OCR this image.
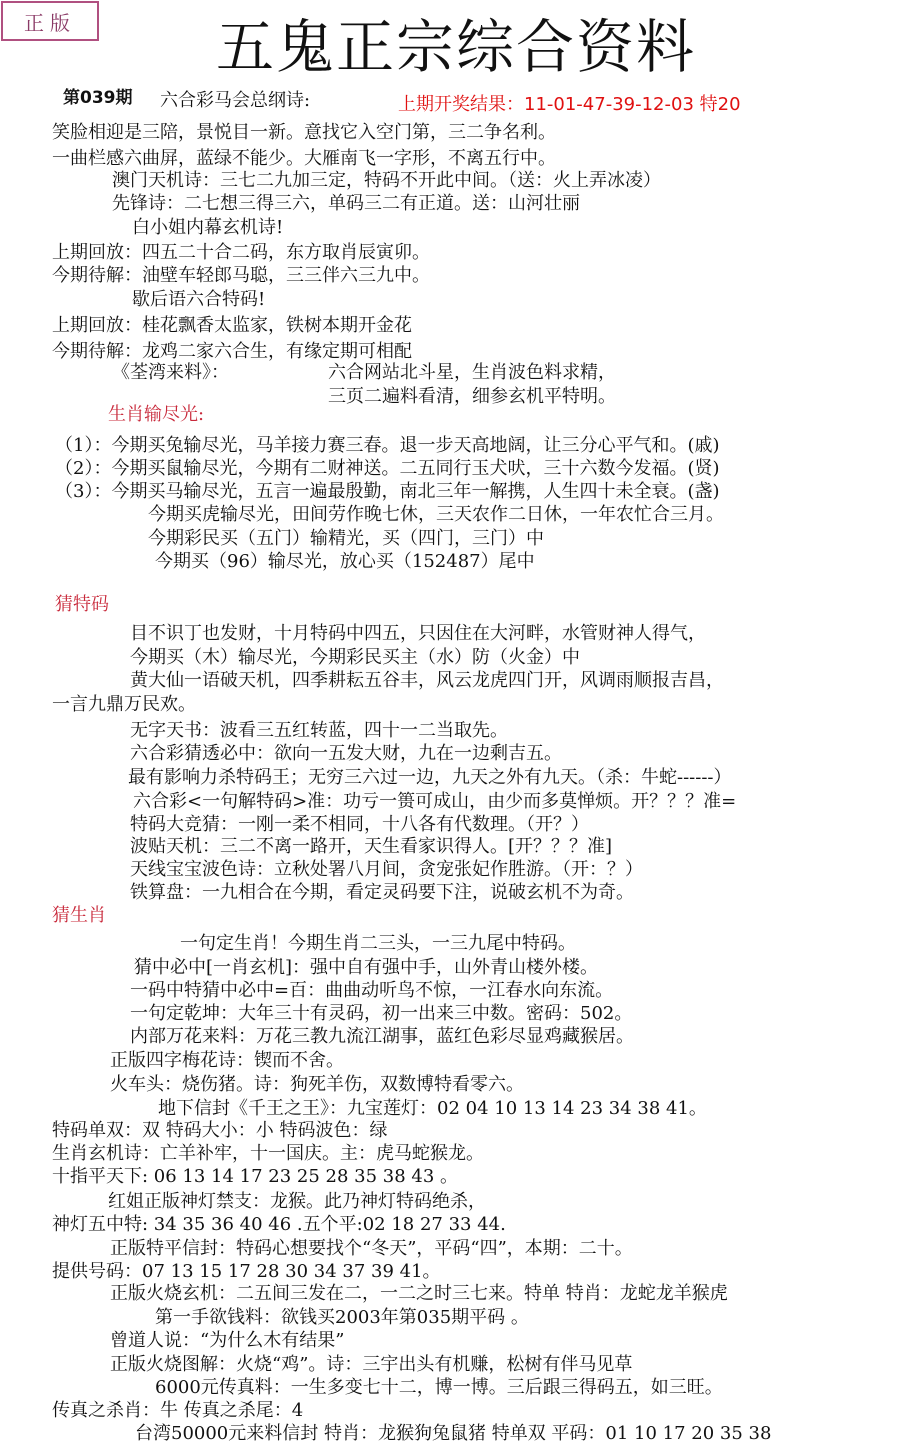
正版	五鬼正宗综合资料
第039期	上期开奖结果：11-01-47-39-12-03 特20
六合彩马会总纲诗:
笑脸相迎是三陪，景悦目一新。意找它入空门第，三二争名利。
一曲栏感六曲屏，蓝绿不能少。大雁南飞一字形，不离五行中。
澳门天机诗：三七二九加三定，特码不开此中间。（送：火上弄冰凌）
先锋诗：二七想三得三六，单码三二有正道。送：山河壮丽
白小姐内幕玄机诗!
上期回放：四五二十合二码，东方取肖辰寅卯。
今期待解：油壁车轻郎马聪，三三伴六三九中。
歇后语六合特码!
上期回放：桂花飘香太监家，铁树本期开金花
今期待解：龙鸡二家六合生，有缘定期可相配
《荃湾来料》：	六合网站北斗星，生肖波色料求精，
三页二遍料看清，细参玄机平特明。
生肖输尽光:
（1）：今期买兔输尽光，马羊接力赛三春。退一步天高地阔，让三分心平气和。(戚)
（2）：今期买鼠输尽光，今期有二财神送。二五同行玉犬吠，三十六数今发福。(贤)
（3）：今期买马输尽光，五言一遍最殷勤，南北三年一解携，人生四十未全衰。(盏)
今期买虎输尽光，田间劳作晚七休，三天农作二日休，一年农忙合三月。
今期彩民买（五门）输精光，买（四门，三门）中
今期买（96）输尽光，放心买（152487）尾中
猜特码
目不识丁也发财，十月特码中四五，只因住在大河畔，水管财神人得气，
今期买（木）输尽光，今期彩民买主（水）防（火金）中
黄大仙一语破天机，四季耕耘五谷丰，风云龙虎四门开，风调雨顺报吉昌，
一言九鼎万民欢。
无字天书：波看三五红转蓝，四十一二当取先。
六合彩猜透必中：欲向一五发大财，九在一边剩吉五。
最有影响力杀特码王；无穷三六过一边，九天之外有九天。（杀：牛蛇------）
六合彩<一句解特码>准：功亏一篑可成山，由少而多莫惮烦。开？？？准=
特码大竞猜：一刚一柔不相同，十八各有代数理。（开？）
波贴天机：三二不离一路开，天生看家识得人。[开？？？准]
天线宝宝波色诗：立秋处署八月间，贪宠张妃作胜游。（开：？）
铁算盘：一九相合在今期，看定灵码要下注，说破玄机不为奇。
猜生肖
一句定生肖！今期生肖二三头，一三九尾中特码。
猜中必中[一肖玄机]：强中自有强中手，山外青山楼外楼。
一码中特猜中必中=百：曲曲动听鸟不惊，一江春水向东流。
一句定乾坤：大年三十有灵码，初一出来三中数。密码：502。
内部万花来料：万花三教九流江湖事，蓝红色彩尽显鸡藏猴居。
正版四字梅花诗：锲而不舍。
火车头：烧伤猪。诗：狗死羊伤，双数博特看零六。
地下信封《千王之王》：九宝莲灯：02 04 10 13 14 23 34 38 41。
特码单双：双 特码大小：小 特码波色：绿
生肖玄机诗：亡羊补牢，十一国庆。主：虎马蛇猴龙。
十指平天下: 06 13 14 17 23 25 28 35 38 43 。
红姐正版神灯禁支：龙猴。此乃神灯特码绝杀，
神灯五中特: 34 35 36 40 46 .五个平:02 18 27 33 44.
正版特平信封：特码心想要找个“冬天”，平码“四”，本期：二十。
提供号码：07 13 15 17 28 30 34 37 39 41。
正版火烧玄机：二五间三发在二，一二之时三七来。特单 特肖：龙蛇龙羊猴虎
第一手欲钱料：欲钱买2003年第035期平码 。
曾道人说：“为什么木有结果”
正版火烧图解：火烧“鸡”。诗：三宇出头有机赚，松树有伴马见草
6000元传真料：一生多变七十二，博一博。三后跟三得码五，如三旺。
传真之杀肖：牛 传真之杀尾：4
台湾50000元来料信封 特肖：龙猴狗兔鼠猪 特单双 平码：01 10 17 20 35 38
